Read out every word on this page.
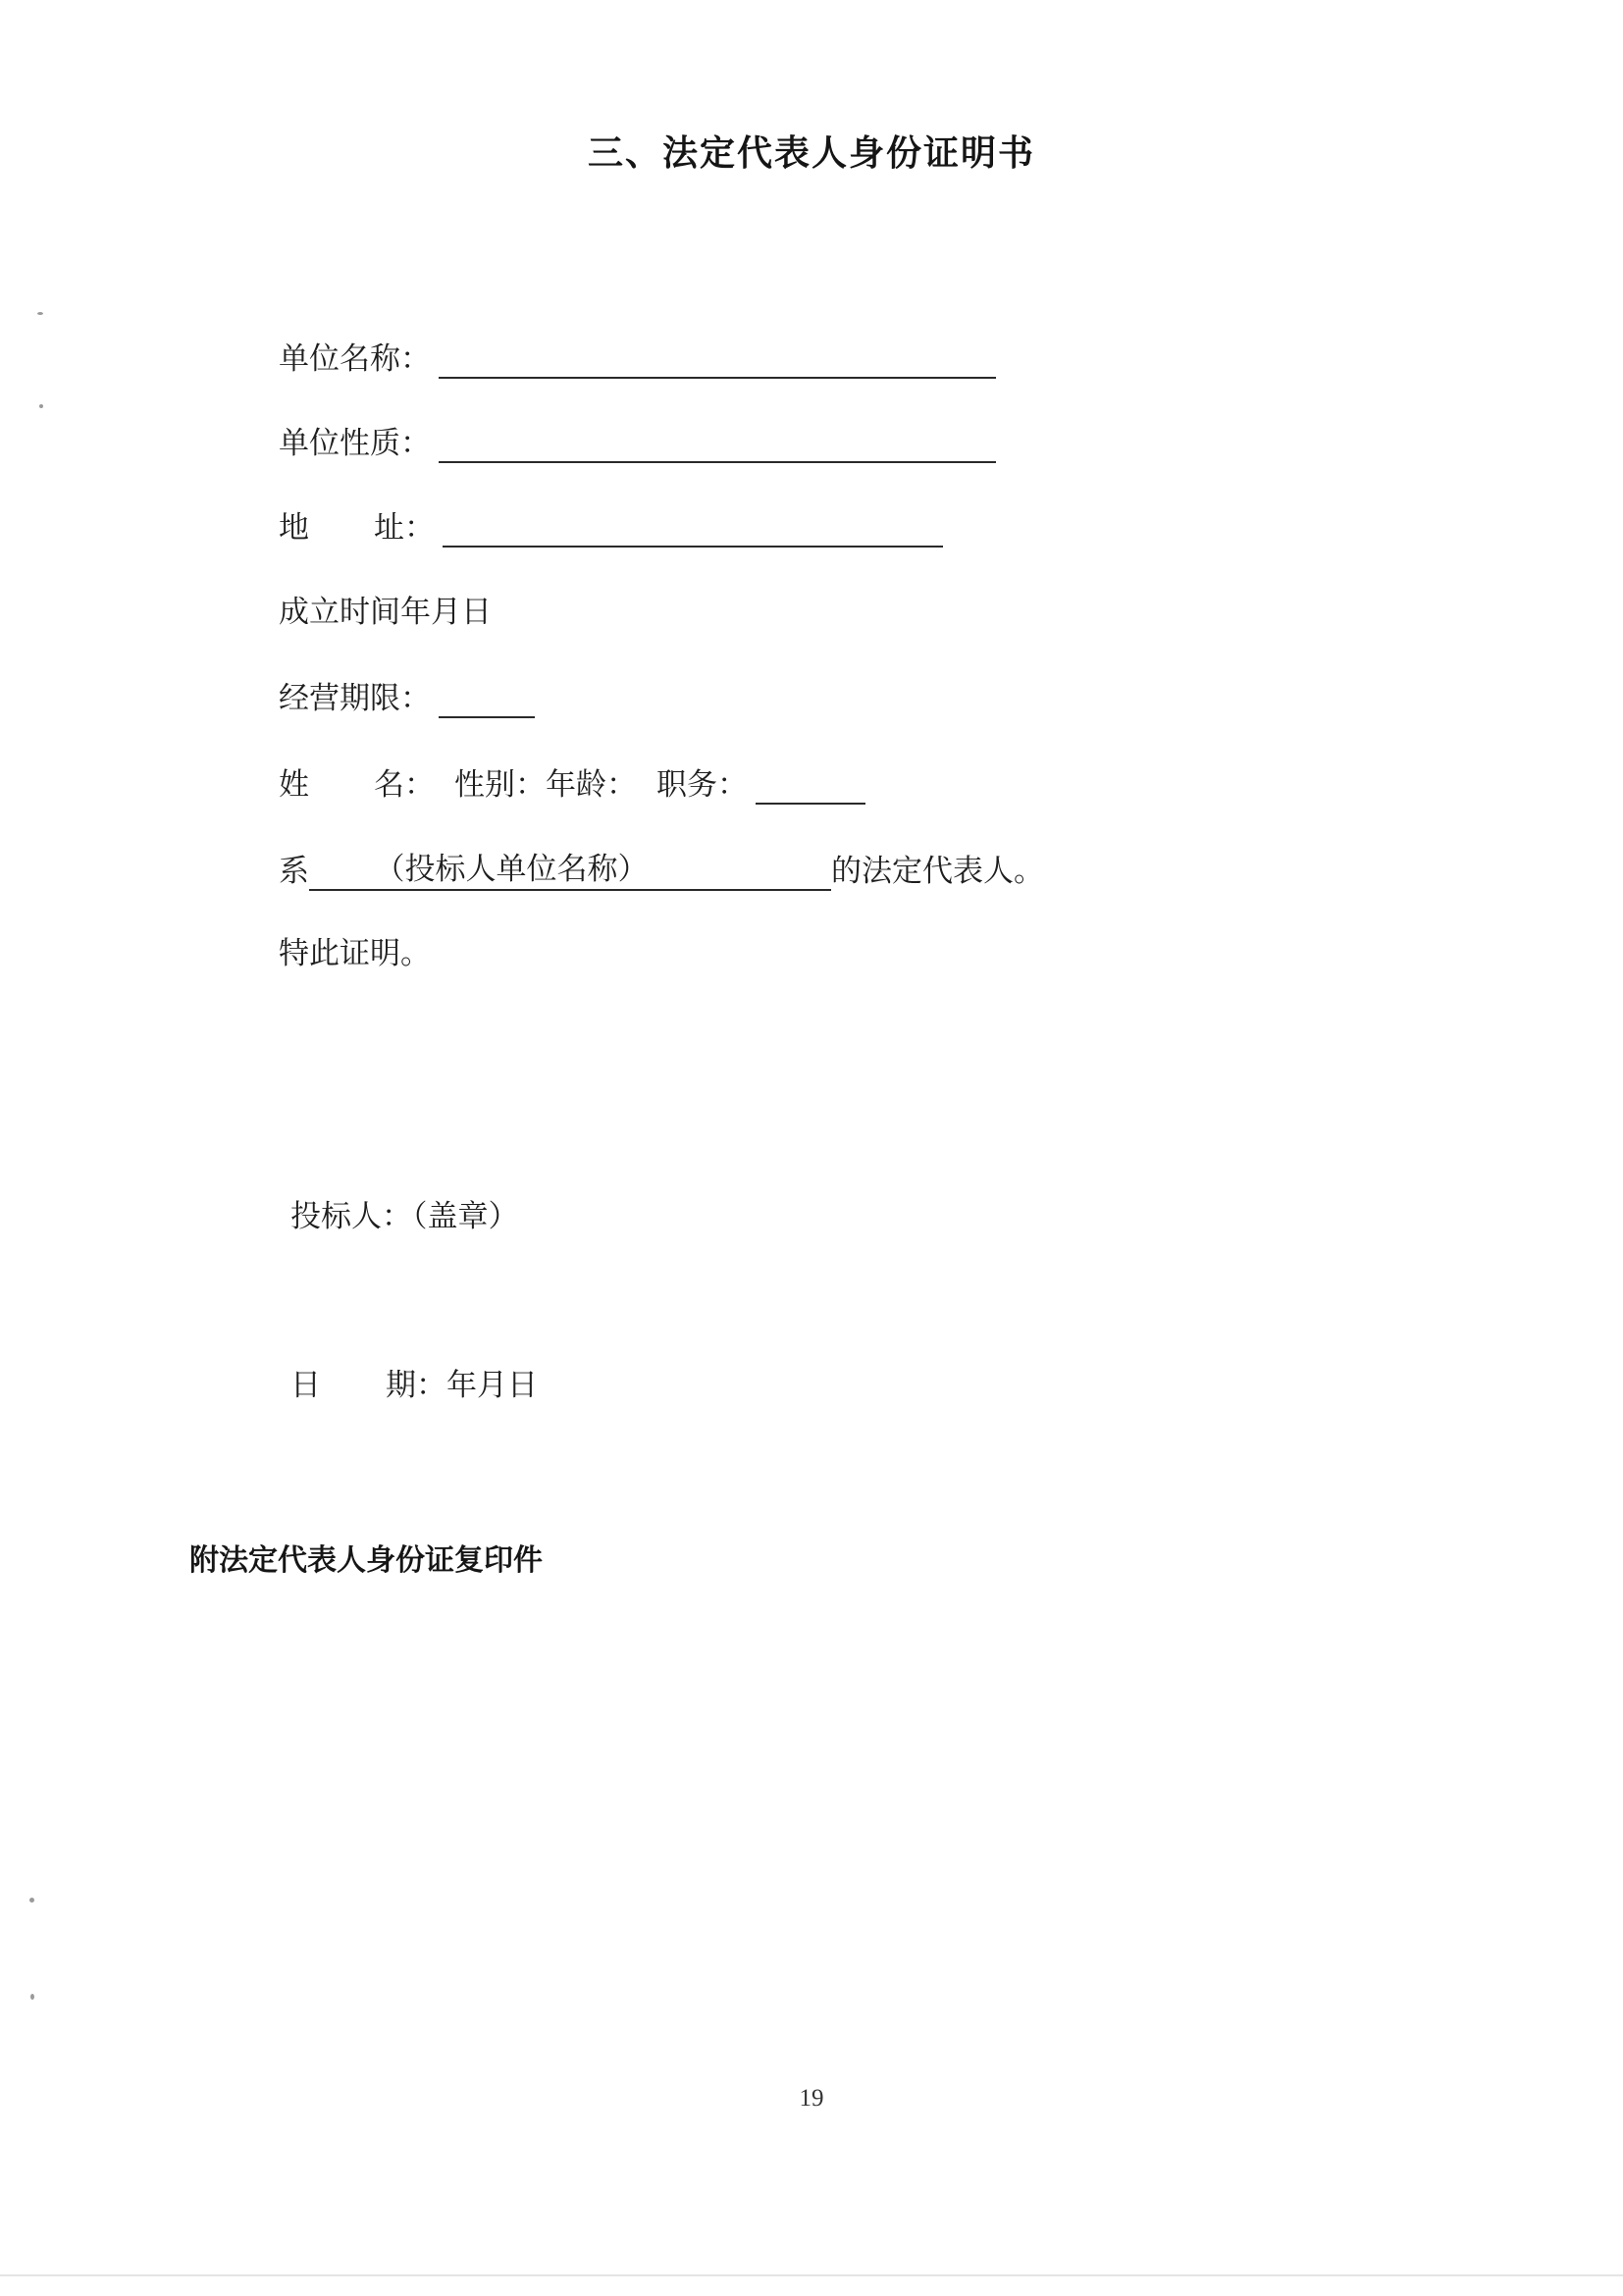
三、法定代表人身份证明书
单位名称：
单位性质：
地 址：
成立时间年月日
经营期限：
姓 名： 性别：年龄： 职务：
系 （投标人单位名称）	的法定代表人。
特此证明。
投标人：（盖章）
日 期：年月日
附法定代表人身份证复印件
19
